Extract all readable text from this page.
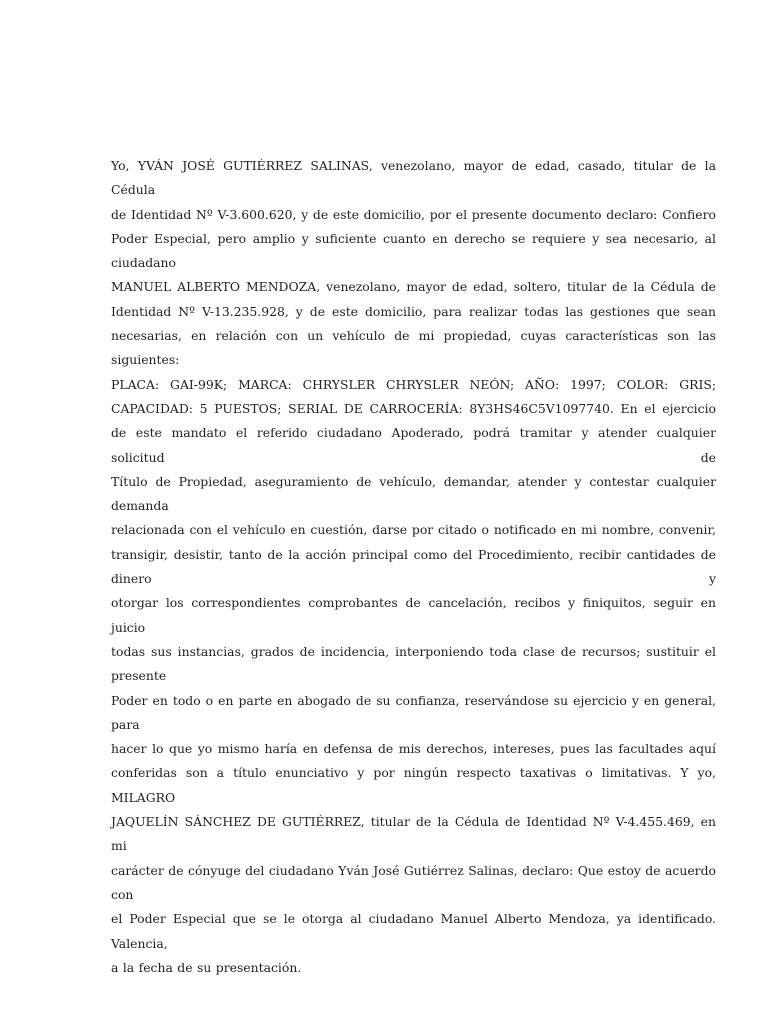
Yo, YVÁN JOSÉ GUTIÉRREZ SALINAS, venezolano, mayor de edad, casado, titular de la Cédula
de Identidad Nº V-3.600.620, y de este domicilio, por el presente documento declaro: Confiero
Poder Especial, pero amplio y suficiente cuanto en derecho se requiere y sea necesario, al ciudadano
MANUEL ALBERTO MENDOZA, venezolano, mayor de edad, soltero, titular de la Cédula de
Identidad Nº V-13.235.928, y de este domicilio, para realizar todas las gestiones que sean
necesarias, en relación con un vehículo de mi propiedad, cuyas características son las siguientes:
PLACA: GAI-99K; MARCA: CHRYSLER CHRYSLER NEÓN; AÑO: 1997; COLOR: GRIS;
CAPACIDAD: 5 PUESTOS; SERIAL DE CARROCERÍA: 8Y3HS46C5V1097740. En el ejercicio
de este mandato el referido ciudadano Apoderado, podrá tramitar y atender cualquier solicitud de
Título de Propiedad, aseguramiento de vehículo, demandar, atender y contestar cualquier demanda
relacionada con el vehículo en cuestión, darse por citado o notificado en mi nombre, convenir,
transigir, desistir, tanto de la acción principal como del Procedimiento, recibir cantidades de dinero y
otorgar los correspondientes comprobantes de cancelación, recibos y finiquitos, seguir en juicio
todas sus instancias, grados de incidencia, interponiendo toda clase de recursos; sustituir el presente
Poder en todo o en parte en abogado de su confianza, reservándose su ejercicio y en general, para
hacer lo que yo mismo haría en defensa de mis derechos, intereses, pues las facultades aquí
conferidas son a título enunciativo y por ningún respecto taxativas o limitativas. Y yo, MILAGRO
JAQUELÍN SÁNCHEZ DE GUTIÉRREZ, titular de la Cédula de Identidad Nº V-4.455.469, en mi
carácter de cónyuge del ciudadano Yván José Gutiérrez Salinas, declaro: Que estoy de acuerdo con
el Poder Especial que se le otorga al ciudadano Manuel Alberto Mendoza, ya identificado. Valencia,
a la fecha de su presentación.
